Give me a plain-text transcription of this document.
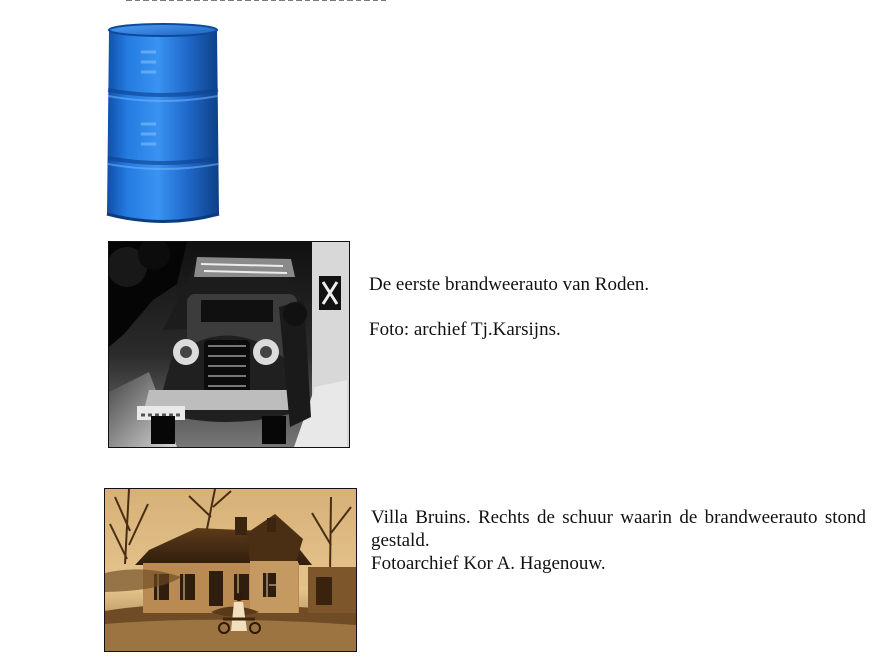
De eerste brandweerauto van Roden.

Foto: archief Tj.Karsijns.

Villa Bruins. Rechts de schuur waarin de brandweerauto stond gestald.

Fotoarchief Kor A. Hagenouw.
